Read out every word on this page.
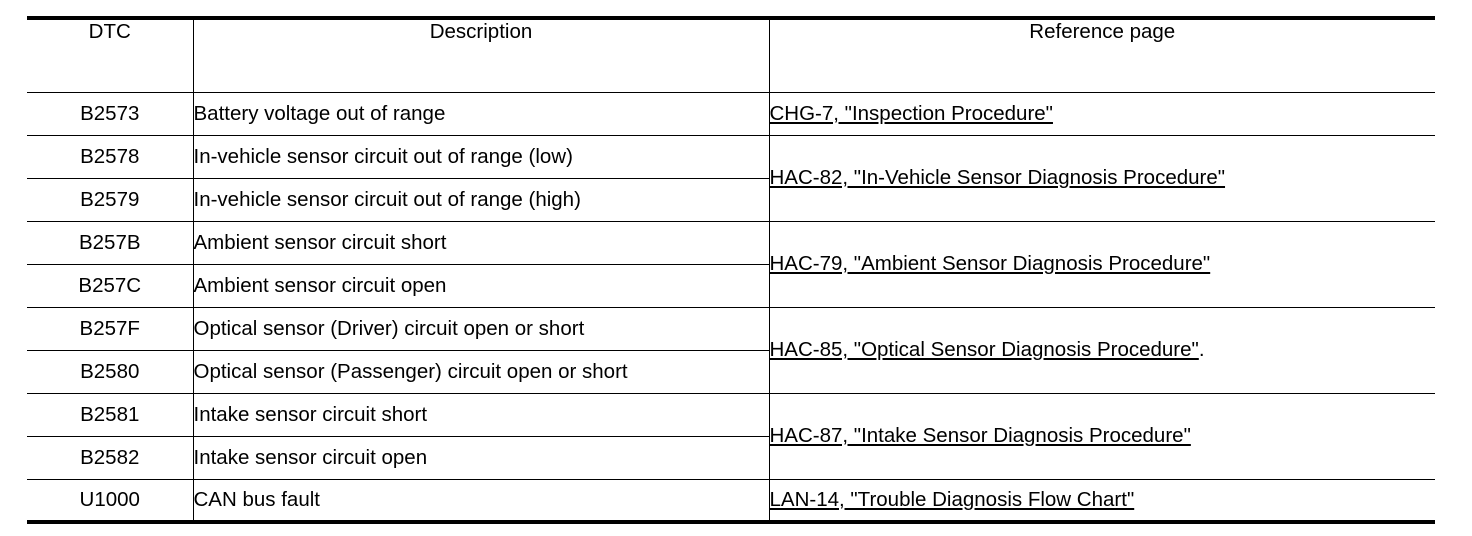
DTC	Description	Reference page
B2573	Battery voltage out of range	CHG-7, "Inspection Procedure"
B2578	In-vehicle sensor circuit out of range (low)	HAC-82, "In-Vehicle Sensor Diagnosis Procedure"
B2579	In-vehicle sensor circuit out of range (high)	
B257B	Ambient sensor circuit short	HAC-79, "Ambient Sensor Diagnosis Procedure"
B257C	Ambient sensor circuit open	
B257F	Optical sensor (Driver) circuit open or short	HAC-85, "Optical Sensor Diagnosis Procedure".
B2580	Optical sensor (Passenger) circuit open or short	
B2581	Intake sensor circuit short	HAC-87, "Intake Sensor Diagnosis Procedure"
B2582	Intake sensor circuit open	
U1000	CAN bus fault	LAN-14, "Trouble Diagnosis Flow Chart"
